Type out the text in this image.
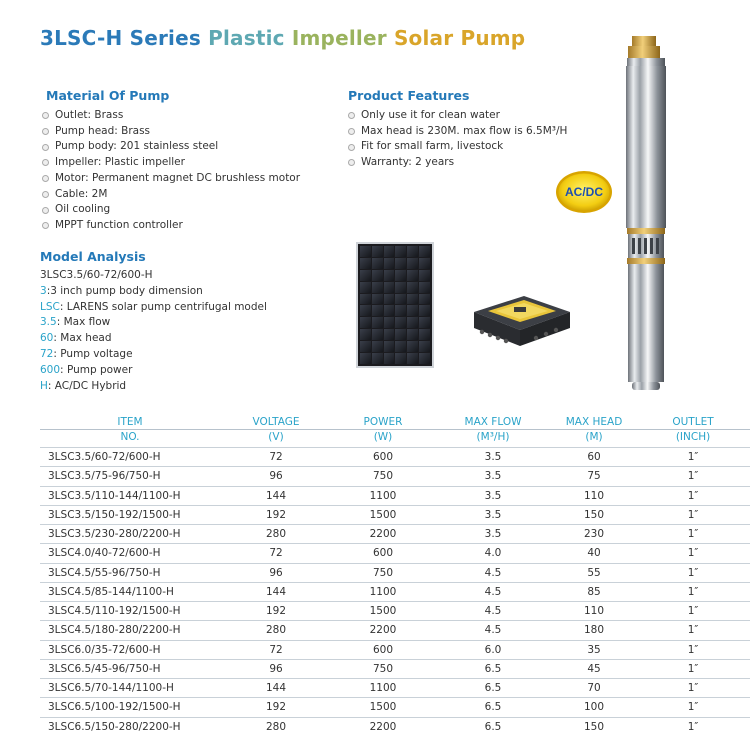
3LSC-H Series Plastic Impeller Solar Pump
Material Of Pump
Outlet: Brass
Pump head: Brass
Pump body: 201 stainless steel
Impeller: Plastic impeller
Motor: Permanent magnet DC brushless motor
Cable: 2M
Oil cooling
MPPT function controller
Product Features
Only use it for clean water
Max head is 230M. max flow is 6.5M³/H
Fit for small farm, livestock
Warranty: 2 years
Model Analysis
3LSC3.5/60-72/600-H
3:3 inch pump body dimension
LSC: LARENS solar pump centrifugal model
3.5: Max flow
60: Max head
72: Pump voltage
600: Pump power
H: AC/DC Hybrid
AC/DC
ITEM	VOLTAGE	POWER	MAX FLOW	MAX HEAD	OUTLET
NO.	(V)	(W)	(M³/H)	(M)	(INCH)
3LSC3.5/60-72/600-H	72	600	3.5	60	1″
3LSC3.5/75-96/750-H	96	750	3.5	75	1″
3LSC3.5/110-144/1100-H	144	1100	3.5	110	1″
3LSC3.5/150-192/1500-H	192	1500	3.5	150	1″
3LSC3.5/230-280/2200-H	280	2200	3.5	230	1″
3LSC4.0/40-72/600-H	72	600	4.0	40	1″
3LSC4.5/55-96/750-H	96	750	4.5	55	1″
3LSC4.5/85-144/1100-H	144	1100	4.5	85	1″
3LSC4.5/110-192/1500-H	192	1500	4.5	110	1″
3LSC4.5/180-280/2200-H	280	2200	4.5	180	1″
3LSC6.0/35-72/600-H	72	600	6.0	35	1″
3LSC6.5/45-96/750-H	96	750	6.5	45	1″
3LSC6.5/70-144/1100-H	144	1100	6.5	70	1″
3LSC6.5/100-192/1500-H	192	1500	6.5	100	1″
3LSC6.5/150-280/2200-H	280	2200	6.5	150	1″
